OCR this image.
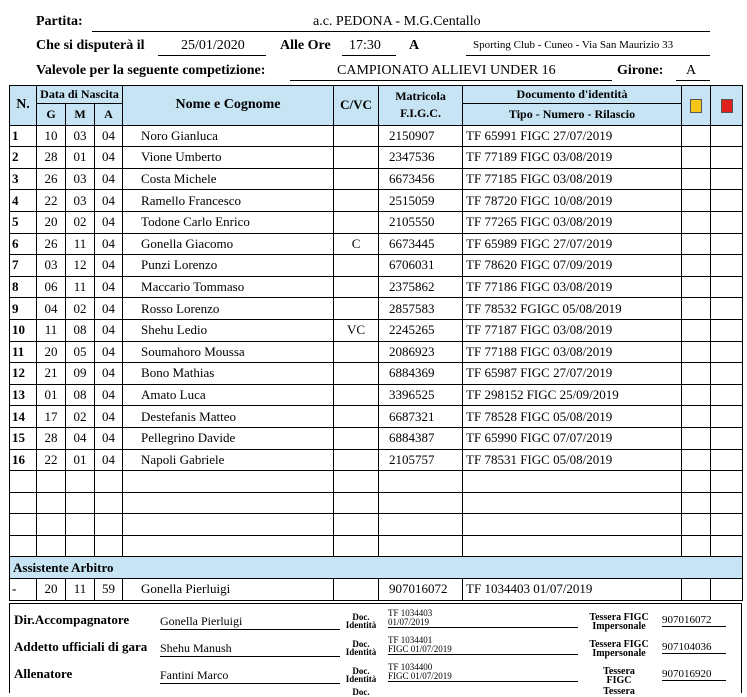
Partita:	a.c. PEDONA - M.G.Centallo
Che si disputerà il	25/01/2020	Alle Ore 17:30 A	Sporting Club - Cuneo - Via San Maurizio 33
Valevole per la seguente competizione:	CAMPIONATO ALLIEVI UNDER 16	Girone: A
N.	Data di Nascita			Nome e Cognome	C/VC	Matricola
F.I.G.C.	Documento d'identità		
	G	M	A				Tipo - Numero - Rilascio		
1	10	03	04	Noro Gianluca		2150907	TF 65991 FIGC 27/07/2019		
2	28	01	04	Vione Umberto		2347536	TF 77189 FIGC 03/08/2019		
3	26	03	04	Costa Michele		6673456	TF 77185 FIGC 03/08/2019		
4	22	03	04	Ramello Francesco		2515059	TF 78720 FIGC 10/08/2019		
5	20	02	04	Todone Carlo Enrico		2105550	TF 77265 FIGC 03/08/2019		
6	26	11	04	Gonella Giacomo	C	6673445	TF 65989 FIGC 27/07/2019		
7	03	12	04	Punzi Lorenzo		6706031	TF 78620 FIGC 07/09/2019		
8	06	11	04	Maccario Tommaso		2375862	TF 77186 FIGC 03/08/2019		
9	04	02	04	Rosso Lorenzo		2857583	TF 78532 FGIGC 05/08/2019		
10	11	08	04	Shehu Ledio	VC	2245265	TF 77187 FIGC 03/08/2019		
11	20	05	04	Soumahoro Moussa		2086923	TF 77188 FIGC 03/08/2019		
12	21	09	04	Bono Mathias		6884369	TF 65987 FIGC 27/07/2019		
13	01	08	04	Amato Luca		3396525	TF 298152 FIGC 25/09/2019		
14	17	02	04	Destefanis Matteo		6687321	TF 78528 FIGC 05/08/2019		
15	28	04	04	Pellegrino Davide		6884387	TF 65990 FIGC 07/07/2019		
16	22	01	04	Napoli Gabriele		2105757	TF 78531 FIGC 05/08/2019		

Assistente Arbitro									
-	20	11	59	Gonella Pierluigi		907016072	TF 1034403 01/07/2019		
Dir.Accompagnatore	Gonella Pierluigi	Doc.
Identità
TF 1034403
01/07/2019	Tessera FIGC
Impersonale
907016072
Addetto ufficiali di gara Shehu Manush	Doc.
Identità
TF 1034401
FIGC 01/07/2019	Tessera FIGC
Impersonale
907104036
Allenatore	Fantini Marco	Doc.
Identità
TF 1034400
FIGC 01/07/2019	Tessera
FIGC
907016920
Doc.	Tessera
